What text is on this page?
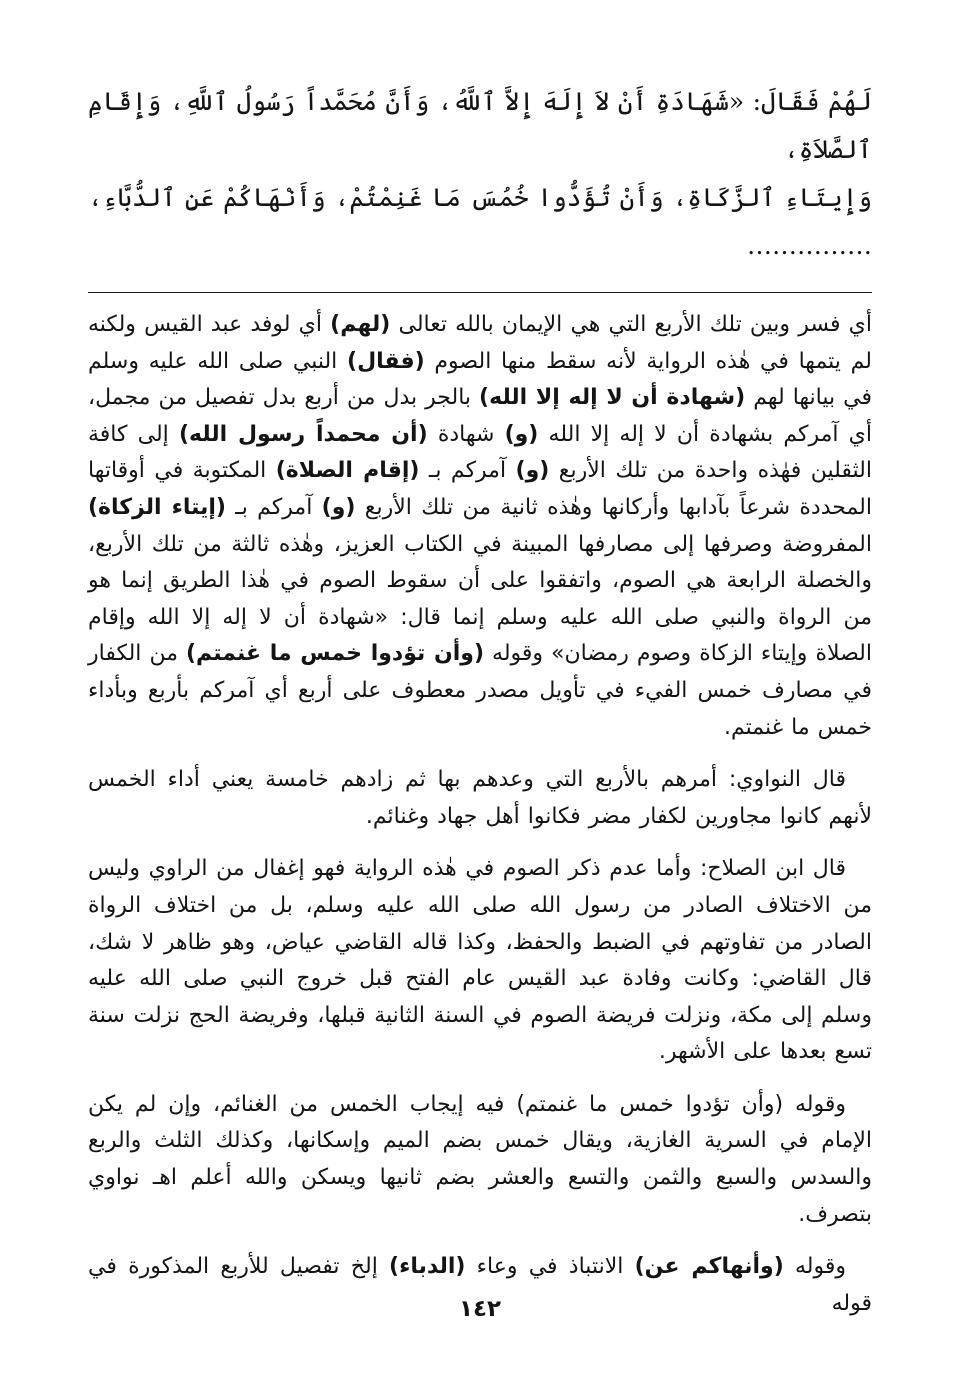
لَهُمْ فَقَالَ: «شَهَادَةِ أَنْ لاَ إِلَهَ إِلاَّ ٱللَّهُ، وَأَنَّ مُحَمَّداً رَسُولُ ٱللَّهِ، وَإِقَامِ ٱلصَّلاَةِ،

وَإِيتَاءِ ٱلزَّكَاةِ، وَأَنْ تُؤَدُّوا خُمُسَ مَا غَنِمْتُمْ، وَأَنْهَاكُمْ عَنِ ٱلدُّبَّاءِ، ……………

أي فسر وبين تلك الأربع التي هي الإيمان بالله تعالى (لهم) أي لوفد عبد القيس ولكنه لم يتمها في هٰذه الرواية لأنه سقط منها الصوم (فقال) النبي صلى الله عليه وسلم في بيانها لهم (شهادة أن لا إله إلا الله) بالجر بدل من أربع بدل تفصيل من مجمل، أي آمركم بشهادة أن لا إله إلا الله (و) شهادة (أن محمداً رسول الله) إلى كافة الثقلين فهٰذه واحدة من تلك الأربع (و) آمركم بـ (إقام الصلاة) المكتوبة في أوقاتها المحددة شرعاً بآدابها وأركانها وهٰذه ثانية من تلك الأربع (و) آمركم بـ (إيتاء الزكاة) المفروضة وصرفها إلى مصارفها المبينة في الكتاب العزيز، وهٰذه ثالثة من تلك الأربع، والخصلة الرابعة هي الصوم، واتفقوا على أن سقوط الصوم في هٰذا الطريق إنما هو من الرواة والنبي صلى الله عليه وسلم إنما قال: «شهادة أن لا إله إلا الله وإقام الصلاة وإيتاء الزكاة وصوم رمضان» وقوله (وأن تؤدوا خمس ما غنمتم) من الكفار في مصارف خمس الفيء في تأويل مصدر معطوف على أربع أي آمركم بأربع وبأداء خمس ما غنمتم.

قال النواوي: أمرهم بالأربع التي وعدهم بها ثم زادهم خامسة يعني أداء الخمس لأنهم كانوا مجاورين لكفار مضر فكانوا أهل جهاد وغنائم.

قال ابن الصلاح: وأما عدم ذكر الصوم في هٰذه الرواية فهو إغفال من الراوي وليس من الاختلاف الصادر من رسول الله صلى الله عليه وسلم، بل من اختلاف الرواة الصادر من تفاوتهم في الضبط والحفظ، وكذا قاله القاضي عياض، وهو ظاهر لا شك، قال القاضي: وكانت وفادة عبد القيس عام الفتح قبل خروج النبي صلى الله عليه وسلم إلى مكة، ونزلت فريضة الصوم في السنة الثانية قبلها، وفريضة الحج نزلت سنة تسع بعدها على الأشهر.

وقوله (وأن تؤدوا خمس ما غنمتم) فيه إيجاب الخمس من الغنائم، وإن لم يكن الإمام في السرية الغازية، ويقال خمس بضم الميم وإسكانها، وكذلك الثلث والربع والسدس والسبع والثمن والتسع والعشر بضم ثانيها ويسكن والله أعلم اهـ نواوي بتصرف.

وقوله (وأنهاكم عن) الانتباذ في وعاء (الدباء) إلخ تفصيل للأربع المذكورة في قوله

١٤٢
